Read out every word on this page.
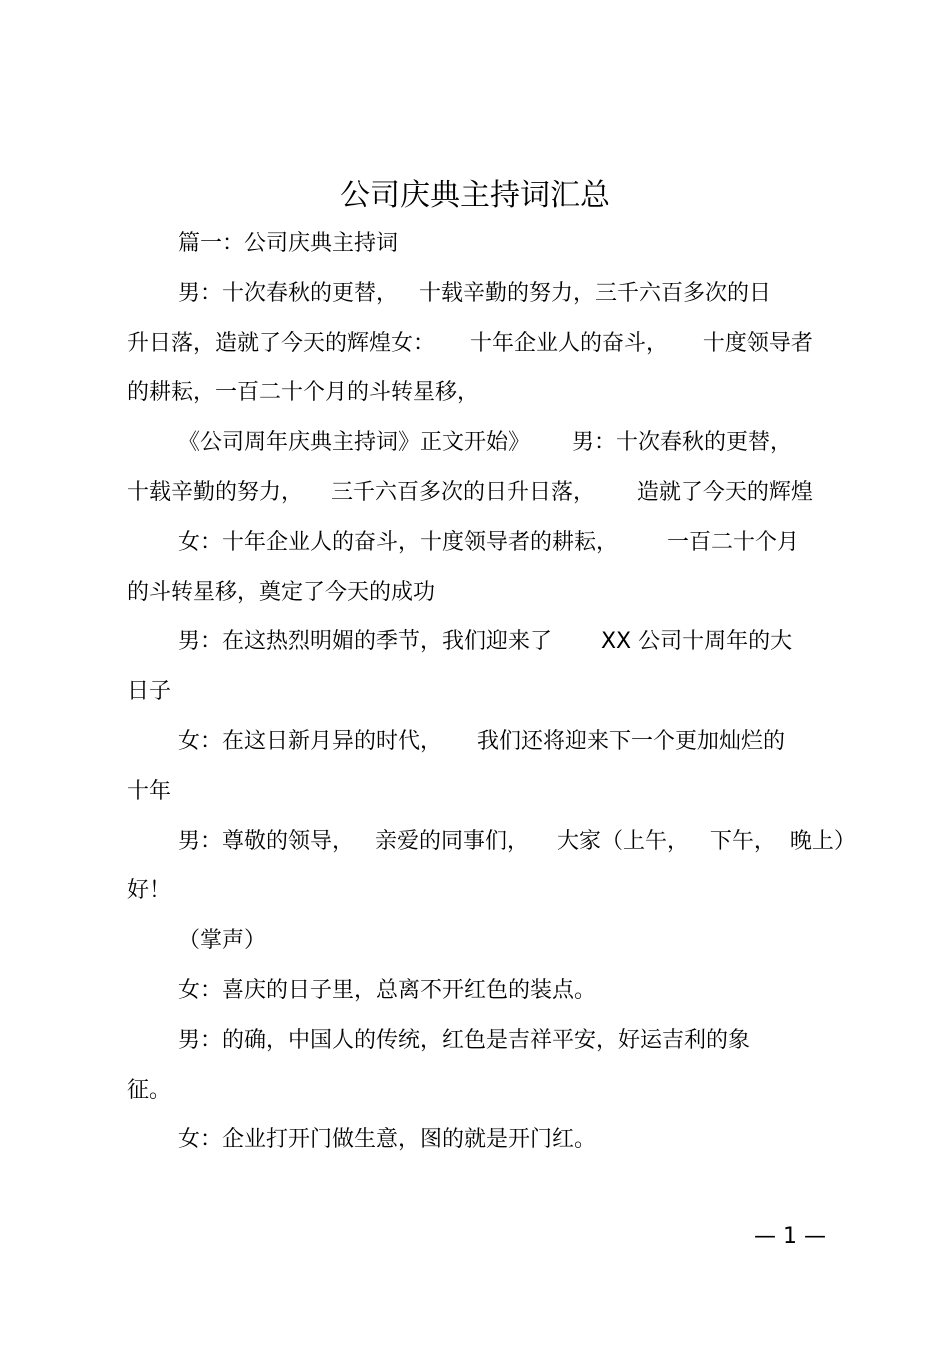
公司庆典主持词汇总
篇一：公司庆典主持词
男：十次春秋的更替，   十载辛勤的努力，三千六百多次的日
升日落，造就了今天的辉煌女：     十年企业人的奋斗，     十度领导者
的耕耘，一百二十个月的斗转星移，
《公司周年庆典主持词》正文开始》      男：十次春秋的更替，
十载辛勤的努力，    三千六百多次的日升日落，      造就了今天的辉煌
女：十年企业人的奋斗，十度领导者的耕耘，       一百二十个月
的斗转星移，奠定了今天的成功
男：在这热烈明媚的季节，我们迎来了       XX 公司十周年的大
日子
女：在这日新月异的时代，     我们还将迎来下一个更加灿烂的
十年
男：尊敬的领导，   亲爱的同事们，    大家（上午，   下午，  晚上）
好！
（掌声）
女：喜庆的日子里，总离不开红色的装点。
男：的确，中国人的传统，红色是吉祥平安，好运吉利的象
征。
女：企业打开门做生意，图的就是开门红。
— 1 —
